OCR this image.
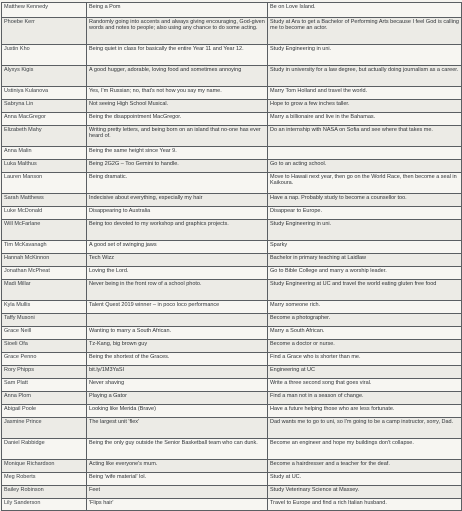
Matthew Kennedy	Being a Pom	Be on Love Island.
Phoebe Kerr	Randomly going into accents and always giving encouraging, God-given words and notes to people; also using any chance to do some acting.	Study at Ara to get a Bachelor of Performing Arts because I feel God is calling me to become an actor.
Justin Kho	Being quiet in class for basically the entire Year 11 and Year 12.	Study Engineering in uni.
Alyxys Kigis	A good hugger, adorable, loving food and sometimes annoying	Study in university for a law degree, but actually doing journalism as a career.
Ustiniya Kulanova	Yes, I'm Russian; no, that's not how you say my name.	Marry Tom Holland and travel the world.
Sabryna Lin	Not seeing High School Musical.	Hope to grow a few inches taller.
Anna MacGregor	Being the disappointment MacGregor.	Marry a billionaire and live in the Bahamas.
Elizabeth Mahy	Writing pretty letters, and being born on an island that no-one has ever heard of.	Do an internship with NASA on Sofia and see where that takes me.
Anna Malin	Being the same height since Year 9.	
Luka Malthus	Being 2G2G – Too Gemini to handle.	Go to an acting school.
Lauren Manson	Being dramatic.	Move to Hawaii next year, then go on the World Race, then become a seal in Kaikoura.
Sarah Matthews	Indecisive about everything, especially my hair	Have a nap. Probably study to become a counsellor too.
Luke McDonald	Disappearing to Australia	Disappear to Europe.
Will McFarlane	Being too devoted to my workshop and graphics projects.	Study Engineering in uni.
Tim McKavanagh	A good set of swinging jaws	Sparky
Hannah McKinnon	Tech Wizz	Bachelor in primary teaching at Laidlaw
Jonathan McPheat	Loving the Lord.	Go to Bible College and marry a worship leader.
Madi Millar	Never being in the front row of a school photo.	Study Engineering at UC and travel the world eating gluten free food
Kyla Mullis	Talent Quest 2019 winner – in poco loco performance	Marry someone rich.
Taffy Musoni		Become a photographer.
Grace Neill	Wanting to marry a South African.	Marry a South African.
Sioeli Ofa	Tz-Kang, big brown guy	Become a doctor or nurse.
Grace Penno	Being the shortest of the Graces.	Find a Grace who is shorter than me.
Rory Phipps	bit.ly/1M3YaSI	Engineering at UC
Sam Platt	Never shaving	Write a three second song that goes viral.
Anna Plom	Playing a Gator	Find a man not in a season of change.
Abigail Poole	Looking like Merida (Brave)	Have a future helping those who are less fortunate.
Jasmine Prince	The largest unit 'flex'	Dad wants me to go to uni, so I'm going to be a camp instructor, sorry, Dad.
Daniel Rabbidge	Being the only guy outside the Senior Basketball team who can dunk.	Become an engineer and hope my buildings don't collapse.
Monique Richardson	Acting like everyone's mum.	Become a hairdresser and a teacher for the deaf.
Meg Roberts	Being 'wife material' lol.	Study at UC.
Bailey Robinson	Feet	Study Veterinary Science at Massey.
Lily Sanderson	'Flips hair'	Travel to Europe and find a rich Italian husband.
